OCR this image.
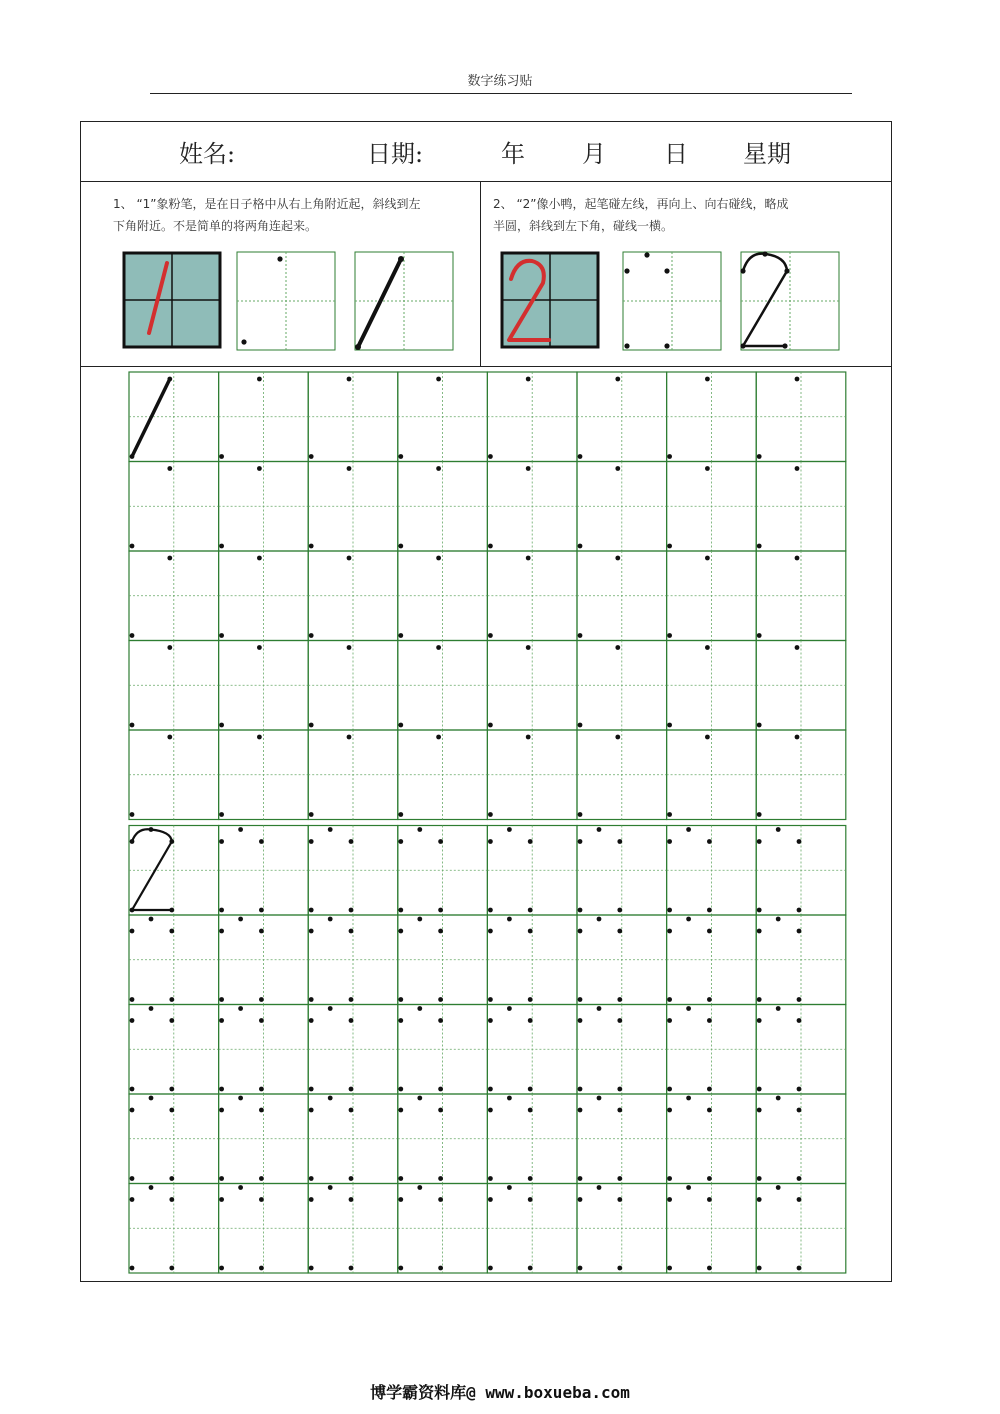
数字练习贴
姓名:	日期:	年 月 日 星期
1、 “1”象粉笔，是在日子格中从右上角附近起，斜线到左
下角附近。不是简单的将两角连起来。
2、 “2”像小鸭，起笔碰左线，再向上、向右碰线，略成
半圆，斜线到左下角，碰线一横。
博学霸资料库@ www.boxueba.com
